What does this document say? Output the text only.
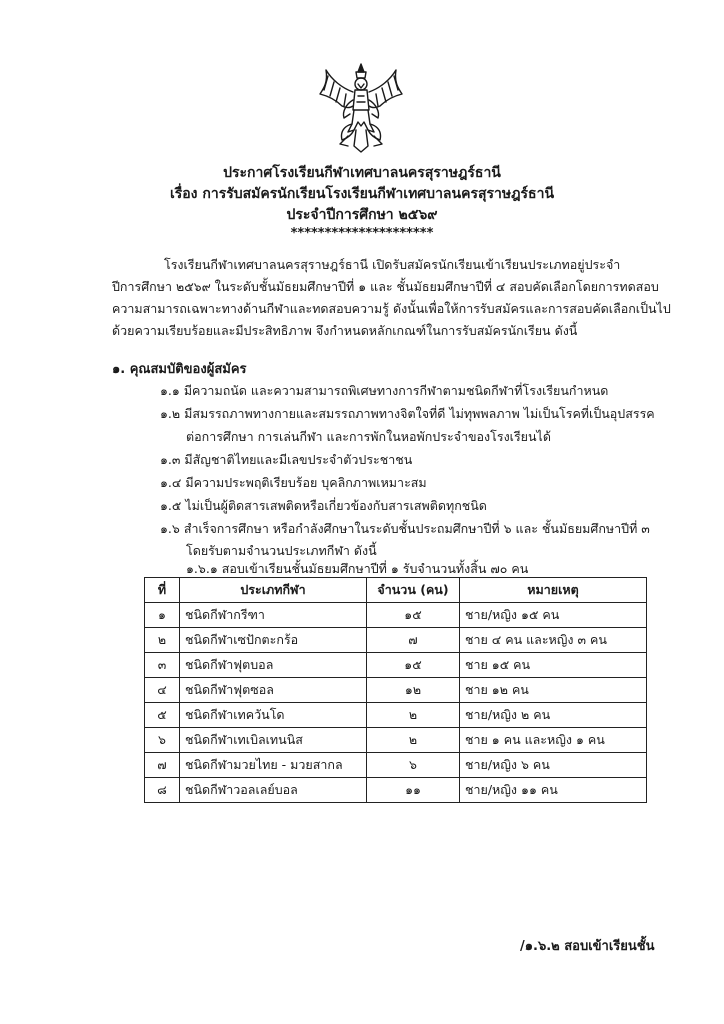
ประกาศโรงเรียนกีฬาเทศบาลนครสุราษฎร์ธานี
เรื่อง การรับสมัครนักเรียนโรงเรียนกีฬาเทศบาลนครสุราษฎร์ธานี
ประจำปีการศึกษา ๒๕๖๙
*********************
โรงเรียนกีฬาเทศบาลนครสุราษฎร์ธานี เปิดรับสมัครนักเรียนเข้าเรียนประเภทอยู่ประจำ
ปีการศึกษา ๒๕๖๙ ในระดับชั้นมัธยมศึกษาปีที่ ๑ และ ชั้นมัธยมศึกษาปีที่ ๔ สอบคัดเลือกโดยการทดสอบ
ความสามารถเฉพาะทางด้านกีฬาและทดสอบความรู้ ดังนั้นเพื่อให้การรับสมัครและการสอบคัดเลือกเป็นไป
ด้วยความเรียบร้อยและมีประสิทธิภาพ จึงกำหนดหลักเกณฑ์ในการรับสมัครนักเรียน ดังนี้
๑. คุณสมบัติของผู้สมัคร
๑.๑ มีความถนัด และความสามารถพิเศษทางการกีฬาตามชนิดกีฬาที่โรงเรียนกำหนด
๑.๒ มีสมรรถภาพทางกายและสมรรถภาพทางจิตใจที่ดี ไม่ทุพพลภาพ ไม่เป็นโรคที่เป็นอุปสรรค
ต่อการศึกษา การเล่นกีฬา และการพักในหอพักประจำของโรงเรียนได้
๑.๓ มีสัญชาติไทยและมีเลขประจำตัวประชาชน
๑.๔ มีความประพฤติเรียบร้อย บุคลิกภาพเหมาะสม
๑.๕ ไม่เป็นผู้ติดสารเสพติดหรือเกี่ยวข้องกับสารเสพติดทุกชนิด
๑.๖ สำเร็จการศึกษา หรือกำลังศึกษาในระดับชั้นประถมศึกษาปีที่ ๖ และ ชั้นมัธยมศึกษาปีที่ ๓
โดยรับตามจำนวนประเภทกีฬา ดังนี้
๑.๖.๑ สอบเข้าเรียนชั้นมัธยมศึกษาปีที่ ๑ รับจำนวนทั้งสิ้น ๗๐ คน
ที่	ประเภทกีฬา	จำนวน (คน)	หมายเหตุ
๑	ชนิดกีฬากรีฑา	๑๕	ชาย/หญิง ๑๕ คน
๒	ชนิดกีฬาเซปักตะกร้อ	๗	ชาย ๔ คน และหญิง ๓ คน
๓	ชนิดกีฬาฟุตบอล	๑๕	ชาย ๑๕ คน
๔	ชนิดกีฬาฟุตซอล	๑๒	ชาย ๑๒ คน
๕	ชนิดกีฬาเทควันโด	๒	ชาย/หญิง ๒ คน
๖	ชนิดกีฬาเทเบิลเทนนิส	๒	ชาย ๑ คน และหญิง ๑ คน
๗	ชนิดกีฬามวยไทย - มวยสากล	๖	ชาย/หญิง ๖ คน
๘	ชนิดกีฬาวอลเลย์บอล	๑๑	ชาย/หญิง ๑๑ คน
/๑.๖.๒ สอบเข้าเรียนชั้น
